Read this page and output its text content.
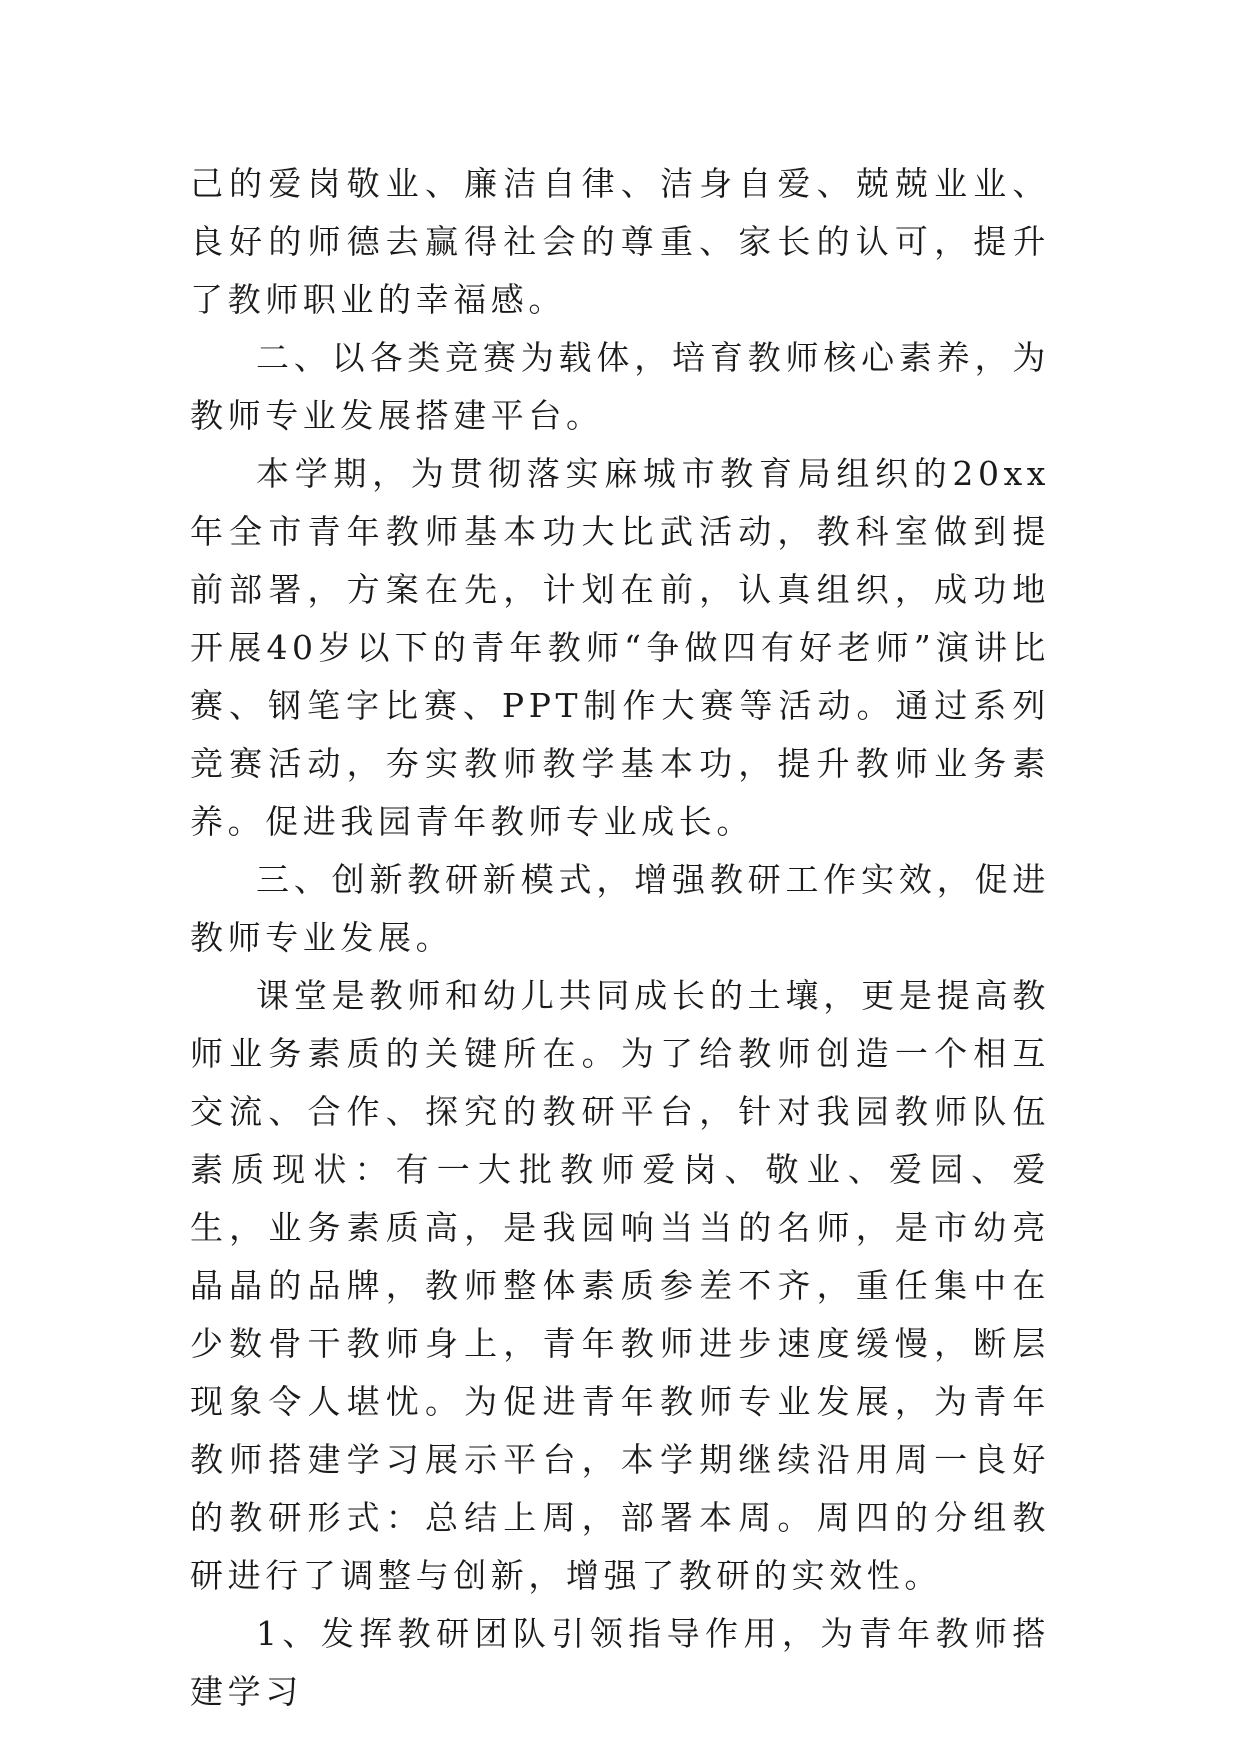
己的爱岗敬业、廉洁自律、洁身自爱、兢兢业业、良好的师德去赢得社会的尊重、家长的认可，提升了教师职业的幸福感。

二、以各类竞赛为载体，培育教师核心素养，为教师专业发展搭建平台。

本学期，为贯彻落实麻城市教育局组织的20xx年全市青年教师基本功大比武活动，教科室做到提前部署，方案在先，计划在前，认真组织，成功地开展40岁以下的青年教师“争做四有好老师”演讲比赛、钢笔字比赛、PPT制作大赛等活动。通过系列竞赛活动，夯实教师教学基本功，提升教师业务素养。促进我园青年教师专业成长。

三、创新教研新模式，增强教研工作实效，促进教师专业发展。

课堂是教师和幼儿共同成长的土壤，更是提高教师业务素质的关键所在。为了给教师创造一个相互交流、合作、探究的教研平台，针对我园教师队伍素质现状：有一大批教师爱岗、敬业、爱园、爱生，业务素质高，是我园响当当的名师，是市幼亮晶晶的品牌，教师整体素质参差不齐，重任集中在少数骨干教师身上，青年教师进步速度缓慢，断层现象令人堪忧。为促进青年教师专业发展，为青年教师搭建学习展示平台，本学期继续沿用周一良好的教研形式：总结上周，部署本周。周四的分组教研进行了调整与创新，增强了教研的实效性。

1、发挥教研团队引领指导作用，为青年教师搭建学习
